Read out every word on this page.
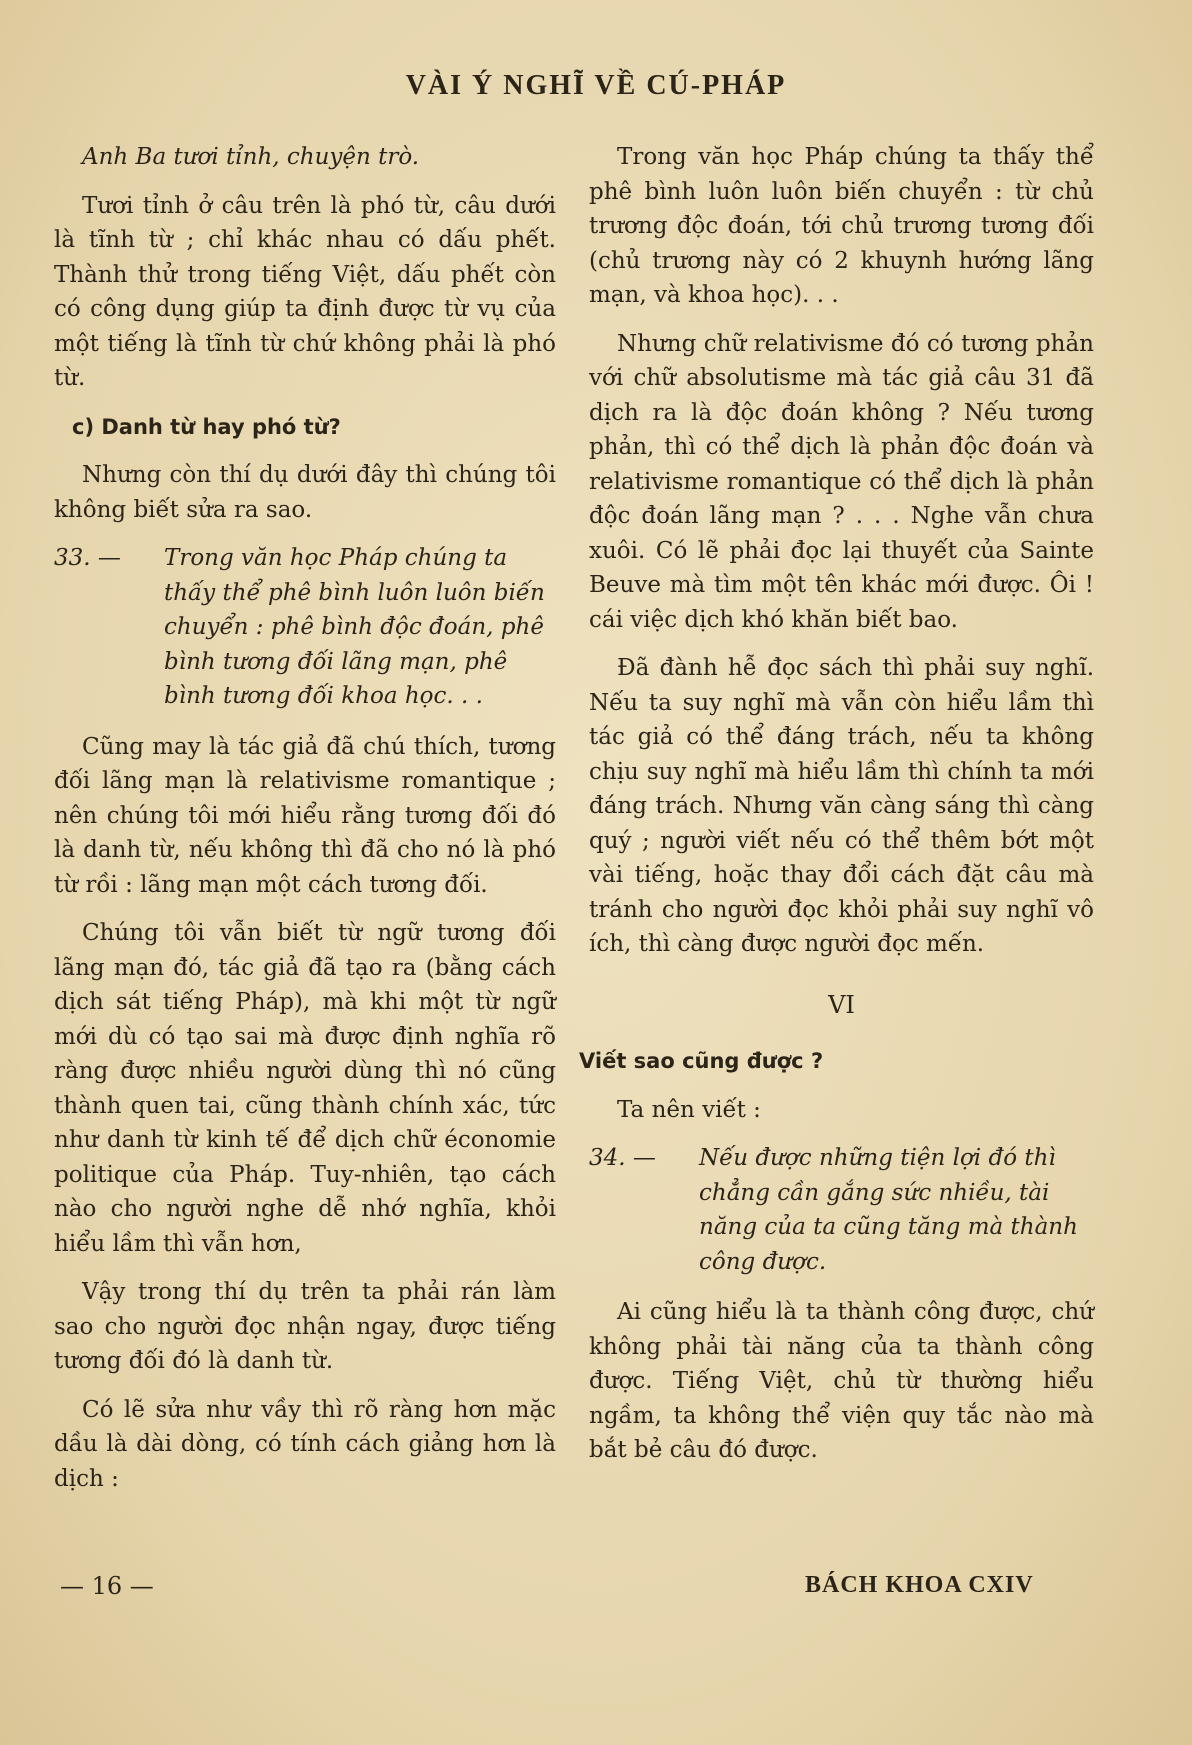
VÀI Ý NGHĨ VỀ CÚ-PHÁP

Anh Ba tươi tỉnh, chuyện trò.

Tươi tỉnh ở câu trên là phó từ, câu dưới là tĩnh từ ; chỉ khác nhau có dấu phết. Thành thử trong tiếng Việt, dấu phết còn có công dụng giúp ta định được từ vụ của một tiếng là tĩnh từ chứ không phải là phó từ.

c) Danh từ hay phó từ?

Nhưng còn thí dụ dưới đây thì chúng tôi không biết sửa ra sao.

33. —	Trong văn học Pháp chúng ta thấy thể phê bình luôn luôn biến chuyển : phê bình độc đoán, phê bình tương đối lãng mạn, phê bình tương đối khoa học. . .

Cũng may là tác giả đã chú thích, tương đối lãng mạn là relativisme romantique ; nên chúng tôi mới hiểu rằng tương đối đó là danh từ, nếu không thì đã cho nó là phó từ rồi : lãng mạn một cách tương đối.

Chúng tôi vẫn biết từ ngữ tương đối lãng mạn đó, tác giả đã tạo ra (bằng cách dịch sát tiếng Pháp), mà khi một từ ngữ mới dù có tạo sai mà được định nghĩa rõ ràng được nhiều người dùng thì nó cũng thành quen tai, cũng thành chính xác, tức như danh từ kinh tế để dịch chữ économie politique của Pháp. Tuy-nhiên, tạo cách nào cho người nghe dễ nhớ nghĩa, khỏi hiểu lầm thì vẫn hơn,

Vậy trong thí dụ trên ta phải rán làm sao cho người đọc nhận ngay, được tiếng tương đối đó là danh từ.

Có lẽ sửa như vầy thì rõ ràng hơn mặc dầu là dài dòng, có tính cách giảng hơn là dịch :

Trong văn học Pháp chúng ta thấy thể phê bình luôn luôn biến chuyển : từ chủ trương độc đoán, tới chủ trương tương đối (chủ trương này có 2 khuynh hướng lãng mạn, và khoa học). . .

Nhưng chữ relativisme đó có tương phản với chữ absolutisme mà tác giả câu 31 đã dịch ra là độc đoán không ? Nếu tương phản, thì có thể dịch là phản độc đoán và relativisme romantique có thể dịch là phản độc đoán lãng mạn ? . . . Nghe vẫn chưa xuôi. Có lẽ phải đọc lại thuyết của Sainte Beuve mà tìm một tên khác mới được. Ôi ! cái việc dịch khó khăn biết bao.

Đã đành hễ đọc sách thì phải suy nghĩ. Nếu ta suy nghĩ mà vẫn còn hiểu lầm thì tác giả có thể đáng trách, nếu ta không chịu suy nghĩ mà hiểu lầm thì chính ta mới đáng trách. Nhưng văn càng sáng thì càng quý ; người viết nếu có thể thêm bớt một vài tiếng, hoặc thay đổi cách đặt câu mà tránh cho người đọc khỏi phải suy nghĩ vô ích, thì càng được người đọc mến.

VI
Viết sao cũng được ?

Ta nên viết :

34. —	Nếu được những tiện lợi đó thì chẳng cần gắng sức nhiều, tài năng của ta cũng tăng mà thành công được.

Ai cũng hiểu là ta thành công được, chứ không phải tài năng của ta thành công được. Tiếng Việt, chủ từ thường hiểu ngầm, ta không thể viện quy tắc nào mà bắt bẻ câu đó được.

— 16 —	BÁCH KHOA CXIV
